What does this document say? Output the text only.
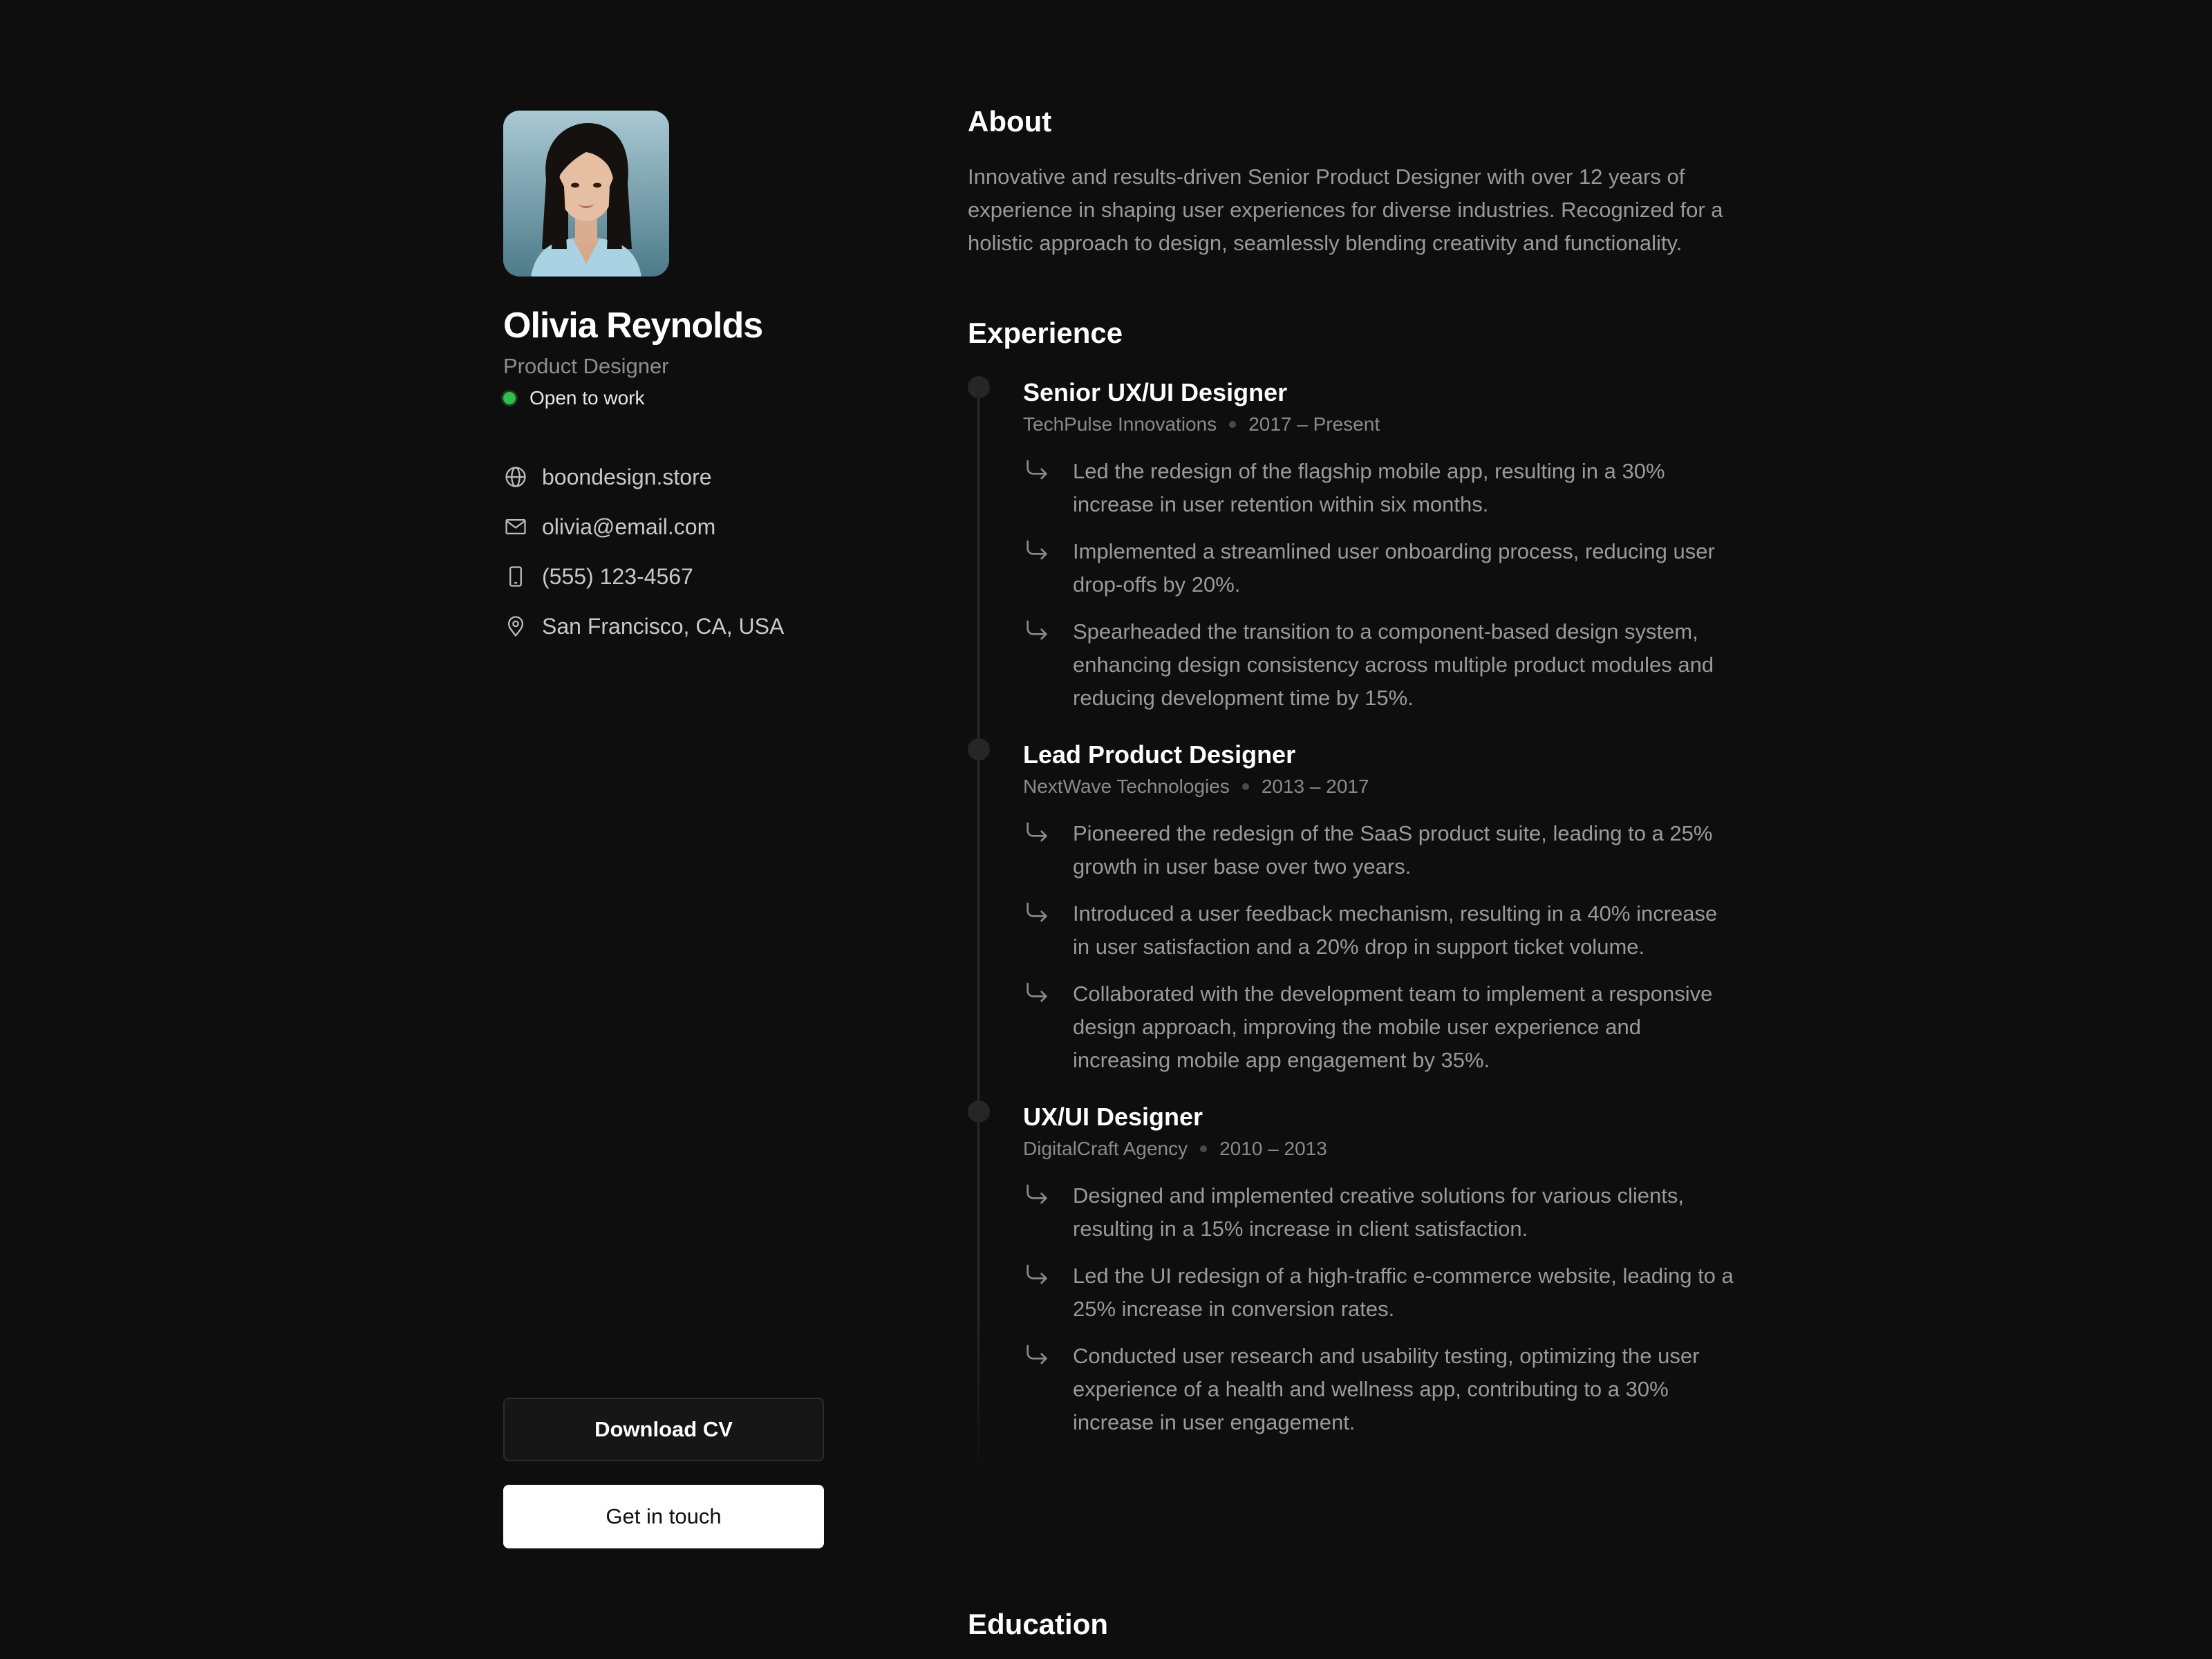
Olivia Reynolds
Product Designer
Open to work
boondesign.store
olivia@email.com
(555) 123-4567
San Francisco, CA, USA
Download CV
Get in touch
About

Innovative and results-driven Senior Product Designer with over 12 years of experience in shaping user experiences for diverse industries. Recognized for a holistic approach to design, seamlessly blending creativity and functionality.

Experience
Senior UX/UI Designer
TechPulse Innovations 2017 – Present
Led the redesign of the flagship mobile app, resulting in a 30% increase in user retention within six months.
Implemented a streamlined user onboarding process, reducing user drop-offs by 20%.
Spearheaded the transition to a component-based design system, enhancing design consistency across multiple product modules and reducing development time by 15%.
Lead Product Designer
NextWave Technologies 2013 – 2017
Pioneered the redesign of the SaaS product suite, leading to a 25% growth in user base over two years.
Introduced a user feedback mechanism, resulting in a 40% increase in user satisfaction and a 20% drop in support ticket volume.
Collaborated with the development team to implement a responsive design approach, improving the mobile user experience and increasing mobile app engagement by 35%.
UX/UI Designer
DigitalCraft Agency 2010 – 2013
Designed and implemented creative solutions for various clients, resulting in a 15% increase in client satisfaction.
Led the UI redesign of a high-traffic e-commerce website, leading to a 25% increase in conversion rates.
Conducted user research and usability testing, optimizing the user experience of a health and wellness app, contributing to a 30% increase in user engagement.
Education
